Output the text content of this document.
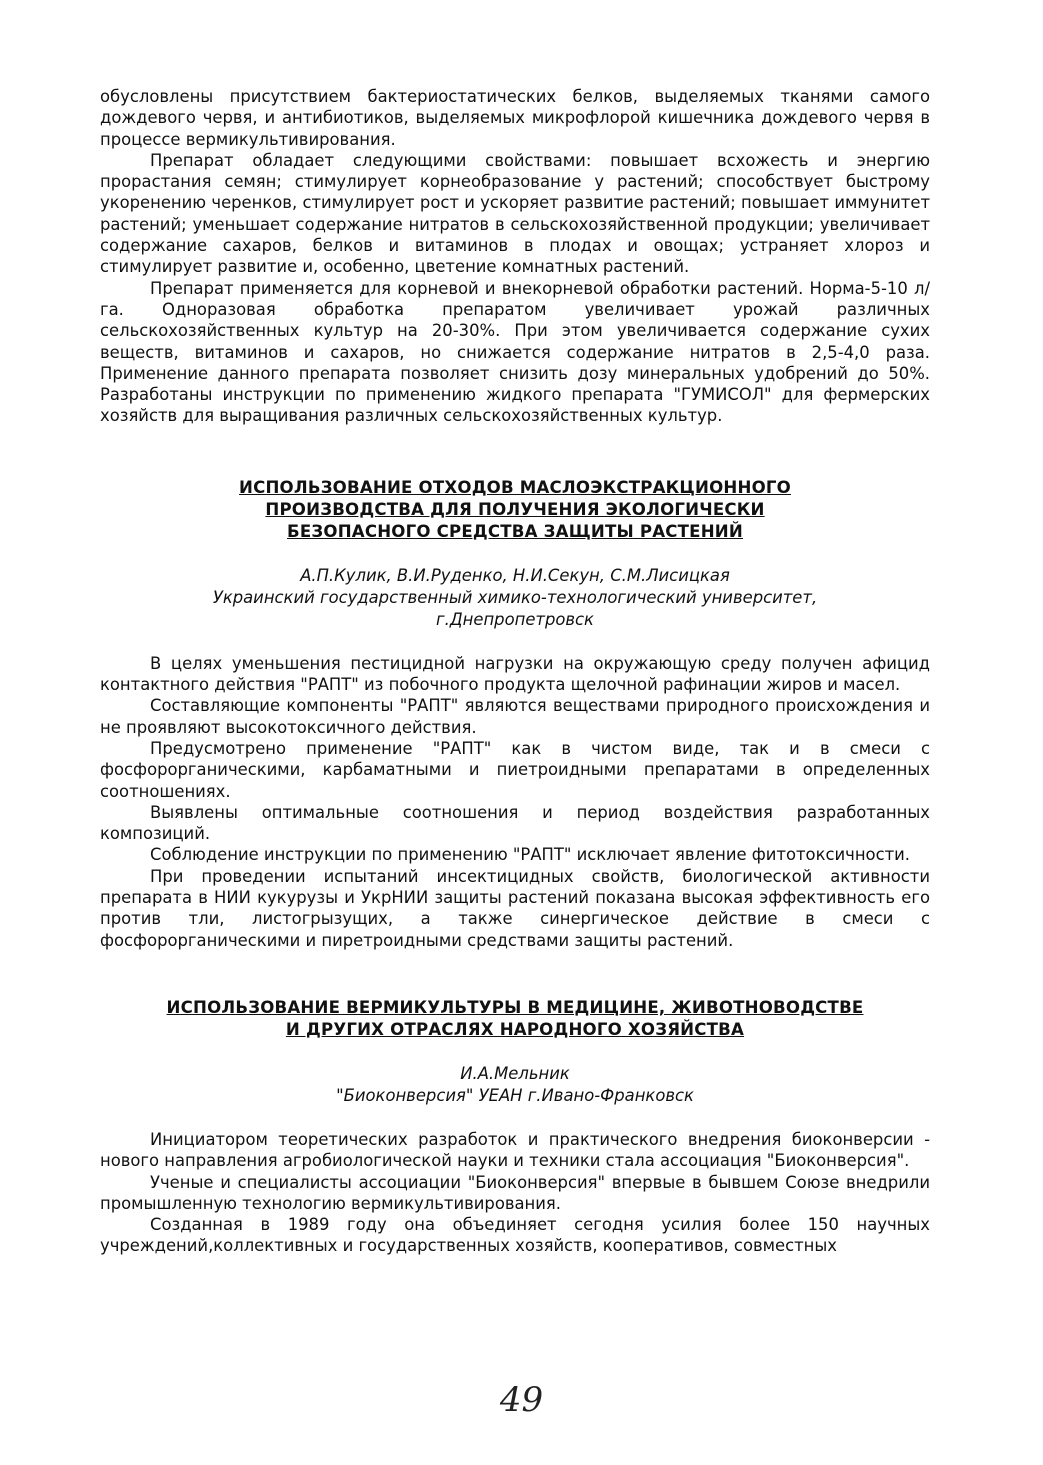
обусловлены присутствием бактериостатических белков, выделяемых тканями самого дождевого червя, и антибиотиков, выделяемых микрофлорой кишечника дождевого червя в процессе вермикультивирования.

Препарат обладает следующими свойствами: повышает всхожесть и энергию прорастания семян; стимулирует корнеобразование у растений; способствует быстрому укоренению черенков, стимулирует рост и ускоряет развитие растений; повышает иммунитет растений; уменьшает содержание нитратов в сельскохозяйственной продукции; увеличивает содержание сахаров, белков и витаминов в плодах и овощах; устраняет хлороз и стимулирует развитие и, особенно, цветение комнатных растений.

Препарат применяется для корневой и внекорневой обработки растений. Норма-5-10 л/га. Одноразовая обработка препаратом увеличивает урожай различных сельскохозяйственных культур на 20-30%. При этом увеличивается содержание сухих веществ, витаминов и сахаров, но снижается содержание нитратов в 2,5-4,0 раза. Применение данного препарата позволяет снизить дозу минеральных удобрений до 50%. Разработаны инструкции по применению жидкого препарата "ГУМИСОЛ" для фермерских хозяйств для выращивания различных сельскохозяйственных культур.

ИСПОЛЬЗОВАНИЕ ОТХОДОВ МАСЛОЭКСТРАКЦИОННОГО

ПРОИЗВОДСТВА ДЛЯ ПОЛУЧЕНИЯ ЭКОЛОГИЧЕСКИ

БЕЗОПАСНОГО СРЕДСТВА ЗАЩИТЫ РАСТЕНИЙ

А.П.Кулик, В.И.Руденко, Н.И.Секун, С.М.Лисицкая

Украинский государственный химико-технологический университет,

г.Днепропетровск

В целях уменьшения пестицидной нагрузки на окружающую среду получен афицид контактного действия "РАПТ" из побочного продукта щелочной рафинации жиров и масел.

Составляющие компоненты "РАПТ" являются веществами природного происхождения и не проявляют высокотоксичного действия.

Предусмотрено применение "РАПТ" как в чистом виде, так и в смеси с фосфорорганическими, карбаматными и пиетроидными препаратами в определенных соотношениях.

Выявлены оптимальные соотношения и период воздействия разработанных композиций.

Соблюдение инструкции по применению "РАПТ" исключает явление фитотоксичности.

При проведении испытаний инсектицидных свойств, биологической активности препарата в НИИ кукурузы и УкрНИИ защиты растений показана высокая эффективность его против тли, листогрызущих, а также синергическое действие в смеси с фосфорорганическими и пиретроидными средствами защиты растений.

ИСПОЛЬЗОВАНИЕ ВЕРМИКУЛЬТУРЫ В МЕДИЦИНЕ, ЖИВОТНОВОДСТВЕ

И ДРУГИХ ОТРАСЛЯХ НАРОДНОГО ХОЗЯЙСТВА

И.А.Мельник

"Биоконверсия" УЕАН г.Ивано-Франковск

Инициатором теоретических разработок и практического внедрения биоконверсии - нового направления агробиологической науки и техники стала ассоциация "Биоконверсия".

Ученые и специалисты ассоциации "Биоконверсия" впервые в бывшем Союзе внедрили промышленную технологию вермикультивирования.

Созданная в 1989 году она объединяет сегодня усилия более 150 научных учреждений,коллективных и государственных хозяйств, кооперативов, совместных

49
